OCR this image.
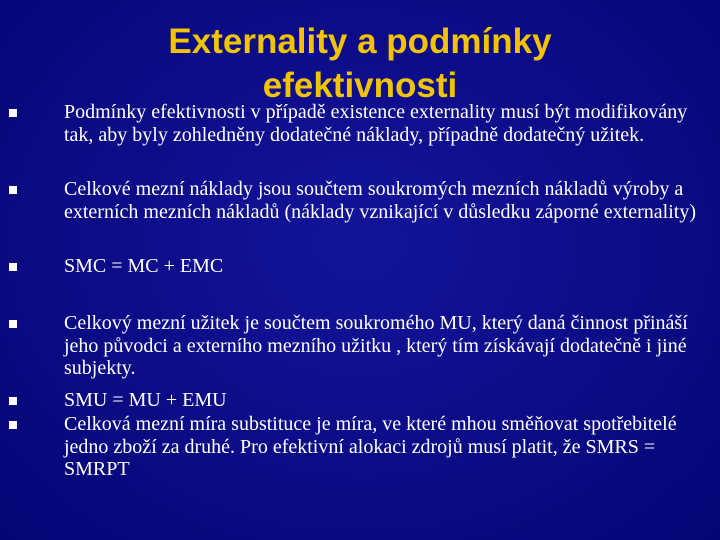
Externality a podmínky
efektivnosti
Podmínky efektivnosti v případě existence externality musí být modifikovány tak, aby byly zohledněny dodatečné náklady, případně dodatečný užitek.
Celkové mezní náklady jsou součtem soukromých mezních nákladů výroby a externích mezních nákladů (náklady vznikající v důsledku záporné externality)
SMC = MC + EMC
Celkový mezní užitek je součtem soukromého MU, který daná činnost přináší jeho původci a externího mezního užitku , který tím získávají dodatečně i jiné subjekty.
SMU = MU + EMU
Celková mezní míra substituce je míra, ve které mhou směňovat spotřebitelé jedno zboží za druhé. Pro efektivní alokaci zdrojů musí platit, že SMRS = SMRPT
